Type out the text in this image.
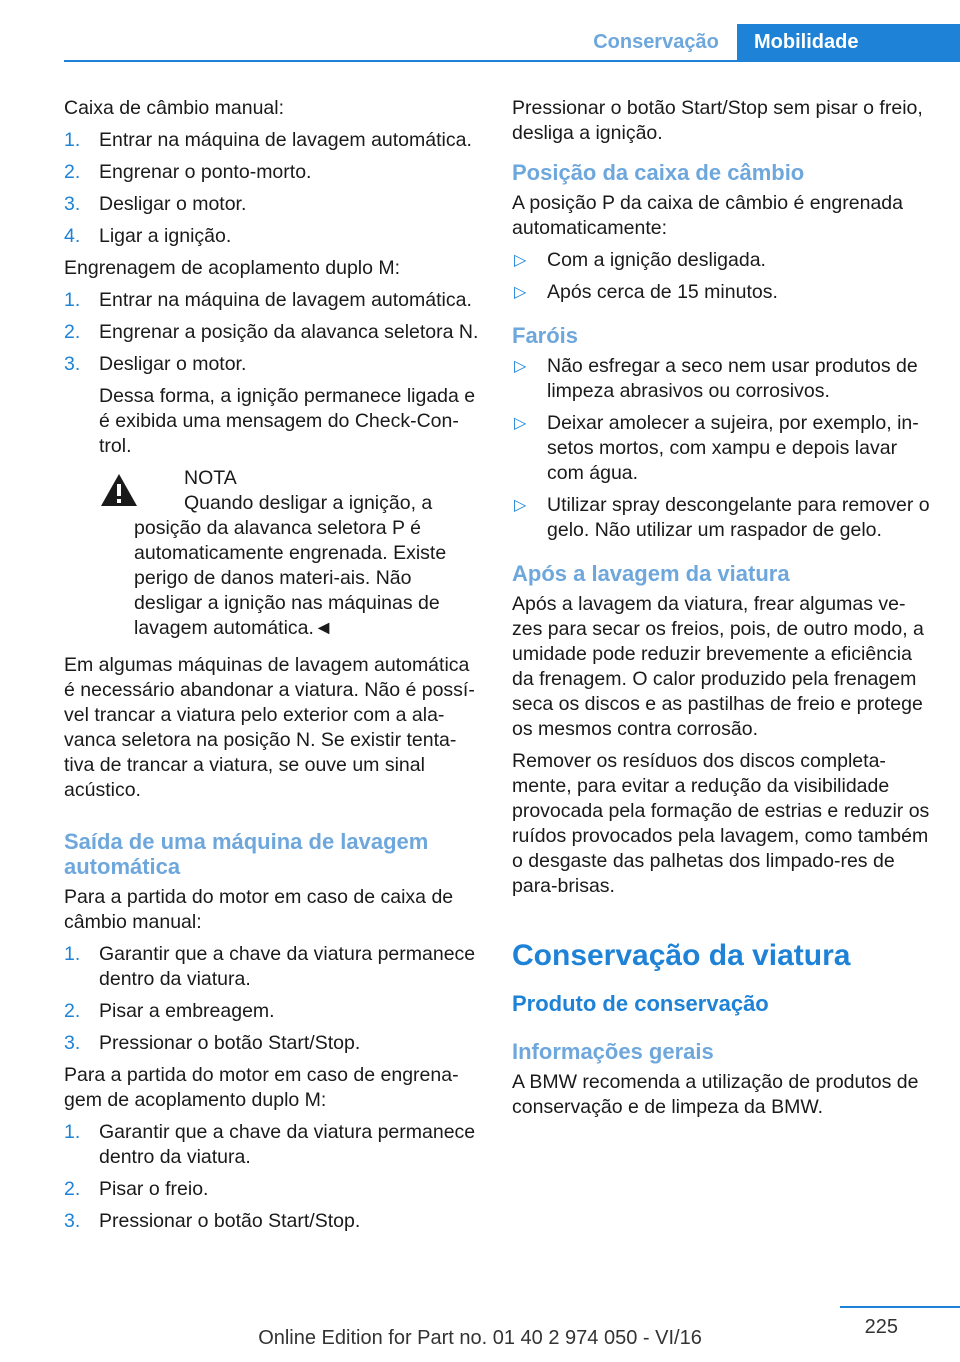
Conservação	Mobilidade

Caixa de câmbio manual:

1. Entrar na máquina de lavagem automática.
2. Engrenar o ponto-morto.
3. Desligar o motor.
4. Ligar a ignição.

Engrenagem de acoplamento duplo M:

1. Entrar na máquina de lavagem automática.
2. Engrenar a posição da alavanca seletora N.
3. Desligar o motor.
Dessa forma, a ignição permanece ligada e é exibida uma mensagem do Check-Con-trol.
NOTA
Quando desligar a ignição, a posição da alavanca seletora P é automaticamente engrenada. Existe perigo de danos materi-ais. Não desligar a ignição nas máquinas de lavagem automática.◄

Em algumas máquinas de lavagem automática é necessário abandonar a viatura. Não é possí-vel trancar a viatura pelo exterior com a ala-vanca seletora na posição N. Se existir tenta-tiva de trancar a viatura, se ouve um sinal acústico.

Saída de uma máquina de lavagem automática

Para a partida do motor em caso de caixa de câmbio manual:

1. Garantir que a chave da viatura permanece dentro da viatura.
2. Pisar a embreagem.
3. Pressionar o botão Start/Stop.

Para a partida do motor em caso de engrena-gem de acoplamento duplo M:

1. Garantir que a chave da viatura permanece dentro da viatura.
2. Pisar o freio.
3. Pressionar o botão Start/Stop.

Pressionar o botão Start/Stop sem pisar o freio, desliga a ignição.

Posição da caixa de câmbio

A posição P da caixa de câmbio é engrenada automaticamente:

▷ Com a ignição desligada.
▷ Após cerca de 15 minutos.
Faróis
▷ Não esfregar a seco nem usar produtos de limpeza abrasivos ou corrosivos.
▷ Deixar amolecer a sujeira, por exemplo, in-setos mortos, com xampu e depois lavar com água.
▷ Utilizar spray descongelante para remover o gelo. Não utilizar um raspador de gelo.
Após a lavagem da viatura

Após a lavagem da viatura, frear algumas ve-zes para secar os freios, pois, de outro modo, a umidade pode reduzir brevemente a eficiência da frenagem. O calor produzido pela frenagem seca os discos e as pastilhas de freio e protege os mesmos contra corrosão.

Remover os resíduos dos discos completa-mente, para evitar a redução da visibilidade provocada pela formação de estrias e reduzir os ruídos provocados pela lavagem, como também o desgaste das palhetas dos limpado-res de para-brisas.

Conservação da viatura
Produto de conservação
Informações gerais

A BMW recomenda a utilização de produtos de conservação e de limpeza da BMW.

225
Online Edition for Part no. 01 40 2 974 050 - VI/16
